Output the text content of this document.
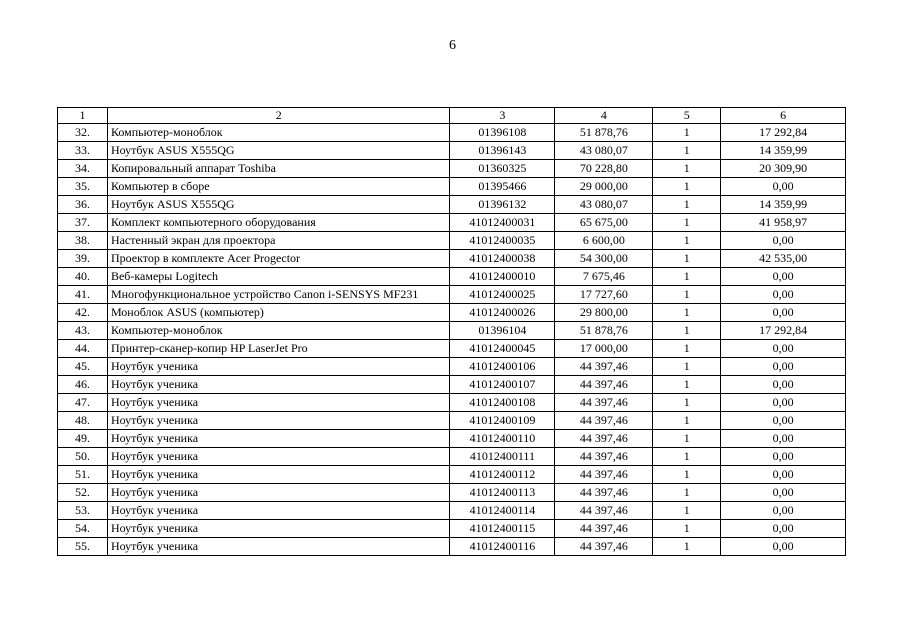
6
1	2	3	4	5	6
32.	Компьютер-моноблок	01396108	51 878,76	1	17 292,84
33.	Ноутбук ASUS X555QG	01396143	43 080,07	1	14 359,99
34.	Копировальный аппарат Toshiba	01360325	70 228,80	1	20 309,90
35.	Компьютер в сборе	01395466	29 000,00	1	0,00
36.	Ноутбук ASUS X555QG	01396132	43 080,07	1	14 359,99
37.	Комплект компьютерного оборудования	41012400031	65 675,00	1	41 958,97
38.	Настенный экран для проектора	41012400035	6 600,00	1	0,00
39.	Проектор в комплекте Acer Progector	41012400038	54 300,00	1	42 535,00
40.	Веб-камеры Logitech	41012400010	7 675,46	1	0,00
41.	Многофункциональное устройство Canon i-SENSYS MF231	41012400025	17 727,60	1	0,00
42.	Моноблок ASUS (компьютер)	41012400026	29 800,00	1	0,00
43.	Компьютер-моноблок	01396104	51 878,76	1	17 292,84
44.	Принтер-сканер-копир HP LaserJet Pro	41012400045	17 000,00	1	0,00
45.	Ноутбук ученика	41012400106	44 397,46	1	0,00
46.	Ноутбук ученика	41012400107	44 397,46	1	0,00
47.	Ноутбук ученика	41012400108	44 397,46	1	0,00
48.	Ноутбук ученика	41012400109	44 397,46	1	0,00
49.	Ноутбук ученика	41012400110	44 397,46	1	0,00
50.	Ноутбук ученика	41012400111	44 397,46	1	0,00
51.	Ноутбук ученика	41012400112	44 397,46	1	0,00
52.	Ноутбук ученика	41012400113	44 397,46	1	0,00
53.	Ноутбук ученика	41012400114	44 397,46	1	0,00
54.	Ноутбук ученика	41012400115	44 397,46	1	0,00
55.	Ноутбук ученика	41012400116	44 397,46	1	0,00
